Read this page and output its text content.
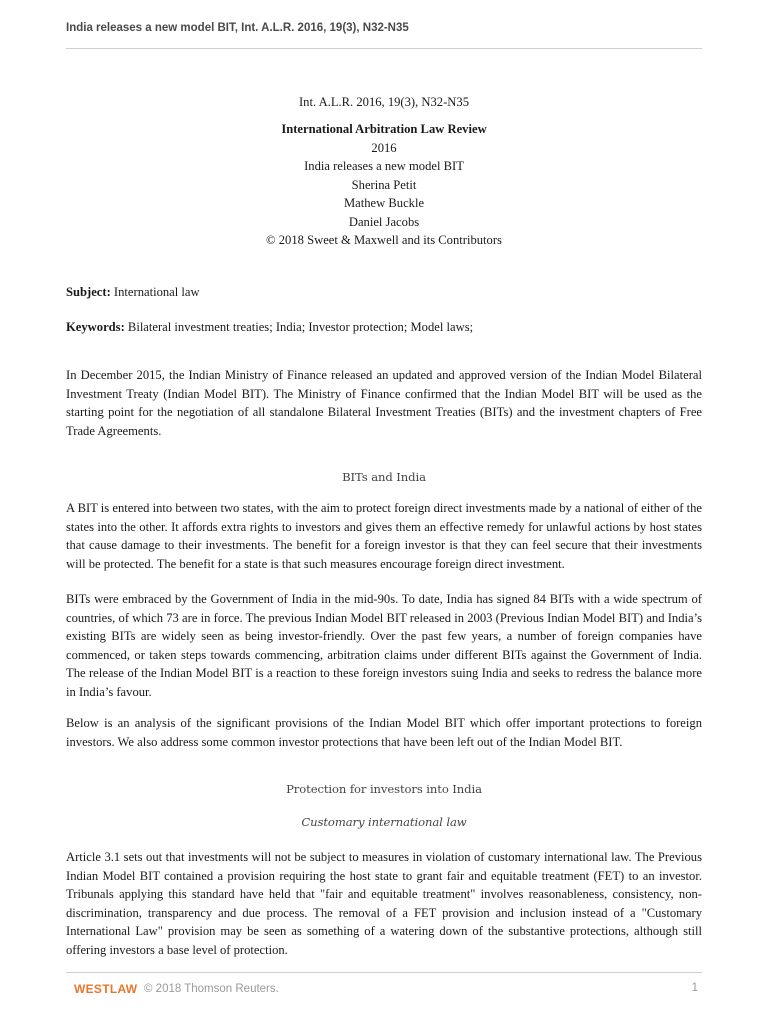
India releases a new model BIT, Int. A.L.R. 2016, 19(3), N32-N35
Int. A.L.R. 2016, 19(3), N32-N35
International Arbitration Law Review
2016
India releases a new model BIT
Sherina Petit
Mathew Buckle
Daniel Jacobs
© 2018 Sweet & Maxwell and its Contributors
Subject: International law
Keywords: Bilateral investment treaties; India; Investor protection; Model laws;
In December 2015, the Indian Ministry of Finance released an updated and approved version of the Indian Model Bilateral Investment Treaty (Indian Model BIT). The Ministry of Finance confirmed that the Indian Model BIT will be used as the starting point for the negotiation of all standalone Bilateral Investment Treaties (BITs) and the investment chapters of Free Trade Agreements.
BITs and India
A BIT is entered into between two states, with the aim to protect foreign direct investments made by a national of either of the states into the other. It affords extra rights to investors and gives them an effective remedy for unlawful actions by host states that cause damage to their investments. The benefit for a foreign investor is that they can feel secure that their investments will be protected. The benefit for a state is that such measures encourage foreign direct investment.
BITs were embraced by the Government of India in the mid-90s. To date, India has signed 84 BITs with a wide spectrum of countries, of which 73 are in force. The previous Indian Model BIT released in 2003 (Previous Indian Model BIT) and India’s existing BITs are widely seen as being investor-friendly. Over the past few years, a number of foreign companies have commenced, or taken steps towards commencing, arbitration claims under different BITs against the Government of India. The release of the Indian Model BIT is a reaction to these foreign investors suing India and seeks to redress the balance more in India’s favour.
Below is an analysis of the significant provisions of the Indian Model BIT which offer important protections to foreign investors. We also address some common investor protections that have been left out of the Indian Model BIT.
Protection for investors into India
Customary international law
Article 3.1 sets out that investments will not be subject to measures in violation of customary international law. The Previous Indian Model BIT contained a provision requiring the host state to grant fair and equitable treatment (FET) to an investor. Tribunals applying this standard have held that "fair and equitable treatment" involves reasonableness, consistency, non-discrimination, transparency and due process. The removal of a FET provision and inclusion instead of a "Customary International Law" provision may be seen as something of a watering down of the substantive protections, although still offering investors a base level of protection.
WESTLAW © 2018 Thomson Reuters.	1
